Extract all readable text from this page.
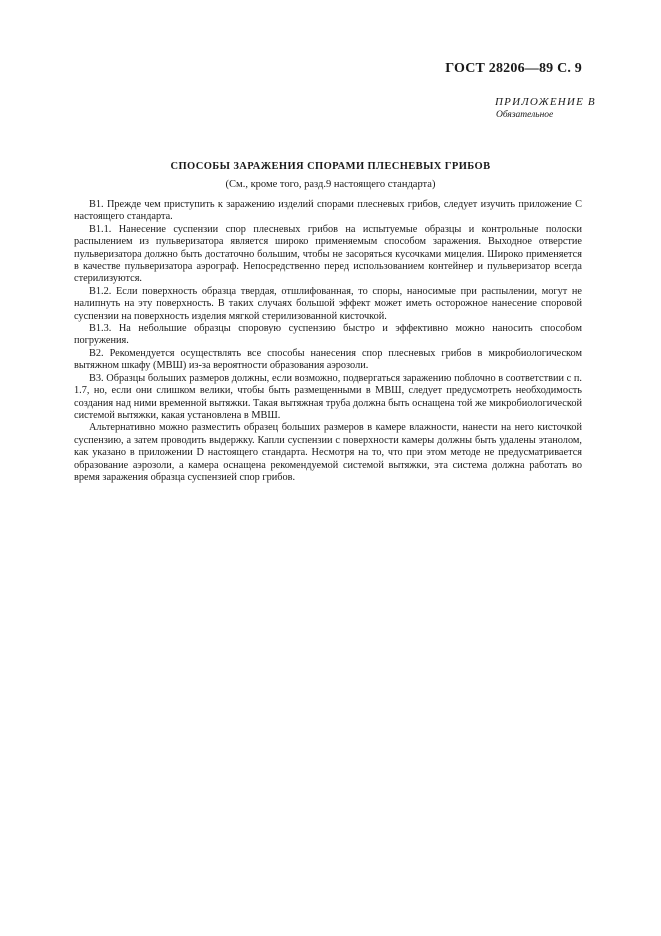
ГОСТ 28206—89 С. 9
ПРИЛОЖЕНИЕ В
Обязательное
СПОСОБЫ ЗАРАЖЕНИЯ СПОРАМИ ПЛЕСНЕВЫХ ГРИБОВ
(См., кроме того, разд.9 настоящего стандарта)

В1. Прежде чем приступить к заражению изделий спорами плесневых грибов, следует изучить приложение С настоящего стандарта.

В1.1. Нанесение суспензии спор плесневых грибов на испытуемые образцы и контрольные полоски распылением из пульверизатора является широко применяемым способом заражения. Выходное отверстие пульверизатора должно быть достаточно большим, чтобы не засоряться кусочками мицелия. Широко применяется в качестве пульверизатора аэрограф. Непосредственно перед использованием контейнер и пульверизатор всегда стерилизуются.

В1.2. Если поверхность образца твердая, отшлифованная, то споры, наносимые при распылении, могут не налипнуть на эту поверхность. В таких случаях большой эффект может иметь осторожное нанесение споровой суспензии на поверхность изделия мягкой стерилизованной кисточкой.

В1.3. На небольшие образцы споровую суспензию быстро и эффективно можно наносить способом погружения.

В2. Рекомендуется осуществлять все способы нанесения спор плесневых грибов в микробиологическом вытяжном шкафу (МВШ) из-за вероятности образования аэрозоли.

В3. Образцы больших размеров должны, если возможно, подвергаться заражению поблочно в соответствии с п. 1.7, но, если они слишком велики, чтобы быть размещенными в МВШ, следует предусмотреть необходимость создания над ними временной вытяжки. Такая вытяжная труба должна быть оснащена той же микробиологической системой вытяжки, какая установлена в МВШ.

Альтернативно можно разместить образец больших размеров в камере влажности, нанести на него кисточкой суспензию, а затем проводить выдержку. Капли суспензии с поверхности камеры должны быть удалены этанолом, как указано в приложении D настоящего стандарта. Несмотря на то, что при этом методе не предусматривается образование аэрозоли, а камера оснащена рекомендуемой системой вытяжки, эта система должна работать во время заражения образца суспензией спор грибов.
